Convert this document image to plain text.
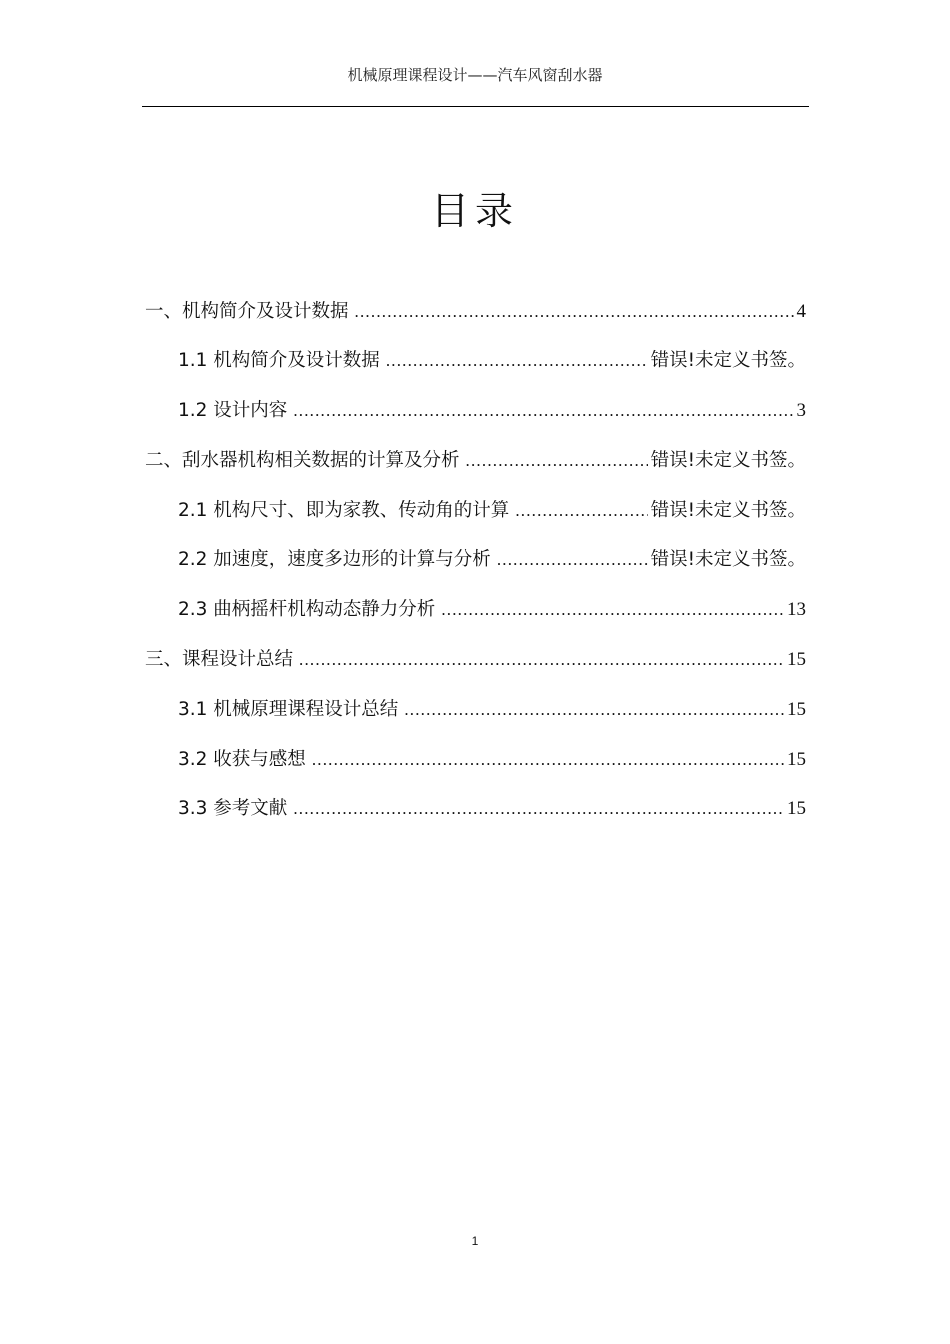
机械原理课程设计——汽车风窗刮水器
目录
一、机构简介及设计数据 .....	4
1.1 机构简介及设计数据 .....	错误!未定义书签。
1.2 设计内容 .....	3
二、刮水器机构相关数据的计算及分析 .....	错误!未定义书签。
2.1 机构尺寸、即为家教、传动角的计算 .....	错误!未定义书签。
2.2 加速度，速度多边形的计算与分析 .....	错误!未定义书签。
2.3 曲柄摇杆机构动态静力分析 .....	13
三、课程设计总结 .....	15
3.1 机械原理课程设计总结 .....	15
3.2 收获与感想 .....	15
3.3 参考文献 .....	15
1
